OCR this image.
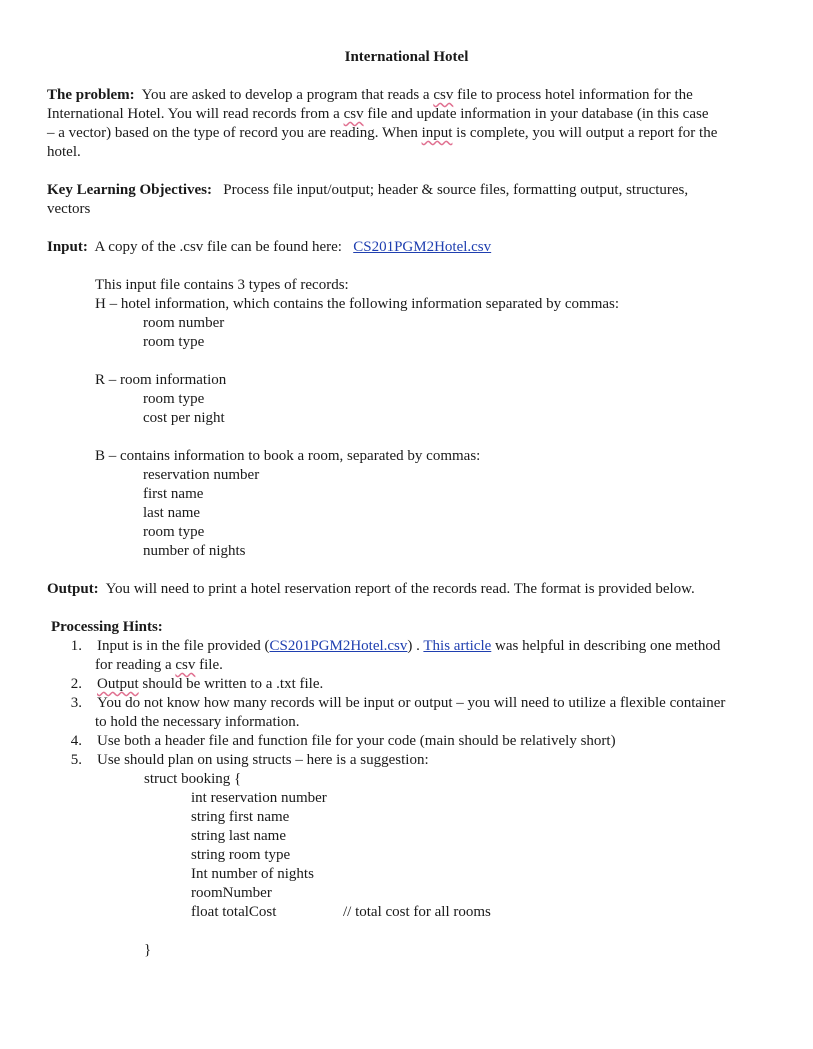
International Hotel
The problem: You are asked to develop a program that reads a csv file to process hotel information for the
International Hotel. You will read records from a csv file and update information in your database (in this case
– a vector) based on the type of record you are reading. When input is complete, you will output a report for the
hotel.
Key Learning Objectives: Process file input/output; header & source files, formatting output, structures,
vectors
Input: A copy of the .csv file can be found here: CS201PGM2Hotel.csv
This input file contains 3 types of records:
H – hotel information, which contains the following information separated by commas:
room number
room type
R – room information
room type
cost per night
B – contains information to book a room, separated by commas:
reservation number
first name
last name
room type
number of nights
Output: You will need to print a hotel reservation report of the records read. The format is provided below.
Processing Hints:
1. Input is in the file provided (CS201PGM2Hotel.csv) . This article was helpful in describing one method
for reading a csv file.
2. Output should be written to a .txt file.
3. You do not know how many records will be input or output – you will need to utilize a flexible container
to hold the necessary information.
4. Use both a header file and function file for your code (main should be relatively short)
5. Use should plan on using structs – here is a suggestion:
struct booking {
int reservation number
string first name
string last name
string room type
Int number of nights
roomNumber
float totalCost	// total cost for all rooms
}
